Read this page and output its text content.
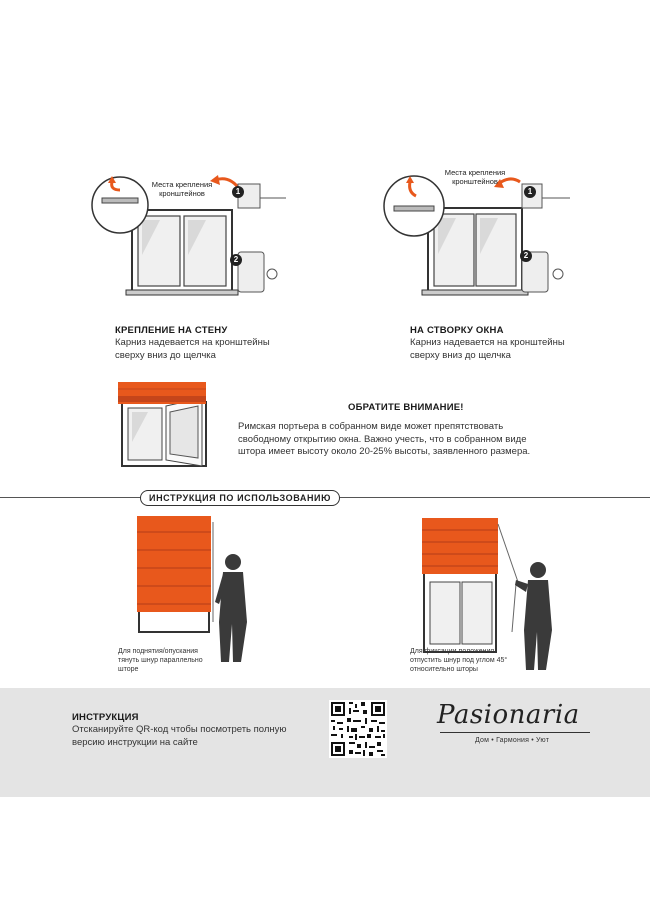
Места крепления кронштейнов	1
2
КРЕПЛЕНИЕ НА СТЕНУ
Карниз надевается на кронштейны сверху вниз до щелчка
Места крепления кронштейнов
1
2
НА СТВОРКУ ОКНА
Карниз надевается на кронштейны сверху вниз до щелчка
ОБРАТИТЕ ВНИМАНИЕ!
Римская портьера в собранном виде может препятствовать свободному открытию окна. Важно учесть, что в собранном виде штора имеет высоту около 20-25% высоты, заявленного размера.
ИНСТРУКЦИЯ ПО ИСПОЛЬЗОВАНИЮ
Для поднятия/опускания тянуть шнур параллельно шторе
Для фиксации положения отпустить шнур под углом 45° относительно шторы
ИНСТРУКЦИЯ
Отсканируйте QR-код чтобы посмотреть полную версию инструкции на сайте
Pasionaria
Дом • Гармония • Уют
